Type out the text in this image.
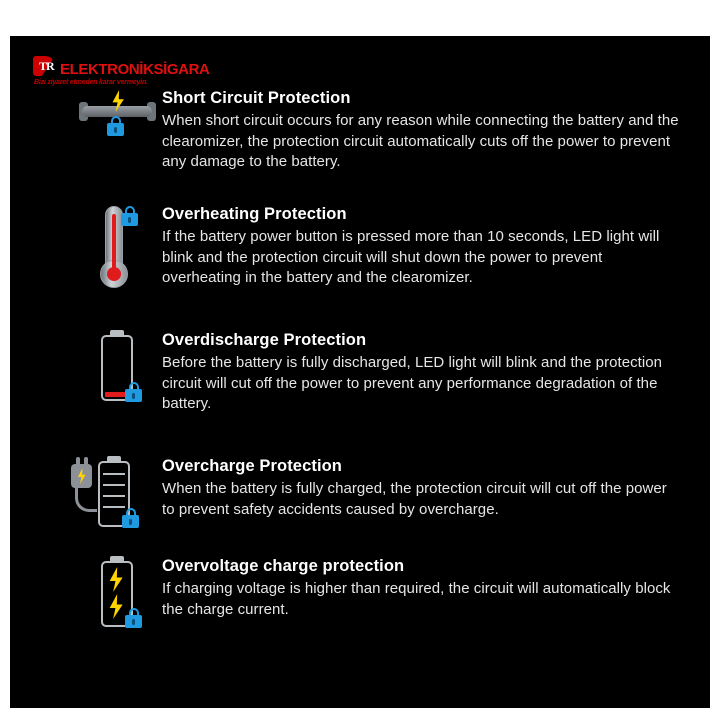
TR ELEKTRONİKSİGARA
Bizi ziyaret etmeden karar vermeyin.

Short Circuit Protection

When short circuit occurs for any reason while connecting the battery and the clearomizer, the protection circuit automatically cuts off the power to prevent any damage to the battery.

Overheating Protection

If the battery power button is pressed more than 10 seconds, LED light will blink and the protection circuit will shut down the power to prevent overheating in the battery and the clearomizer.

Overdischarge Protection

Before the battery is fully discharged, LED light will blink and the protection circuit will cut off the power to prevent any performance degradation of the battery.

Overcharge Protection

When the battery is fully charged, the protection circuit will cut off the power to prevent safety accidents caused by overcharge.

Overvoltage charge protection

If charging voltage is higher than required, the circuit will automatically block the charge current.
